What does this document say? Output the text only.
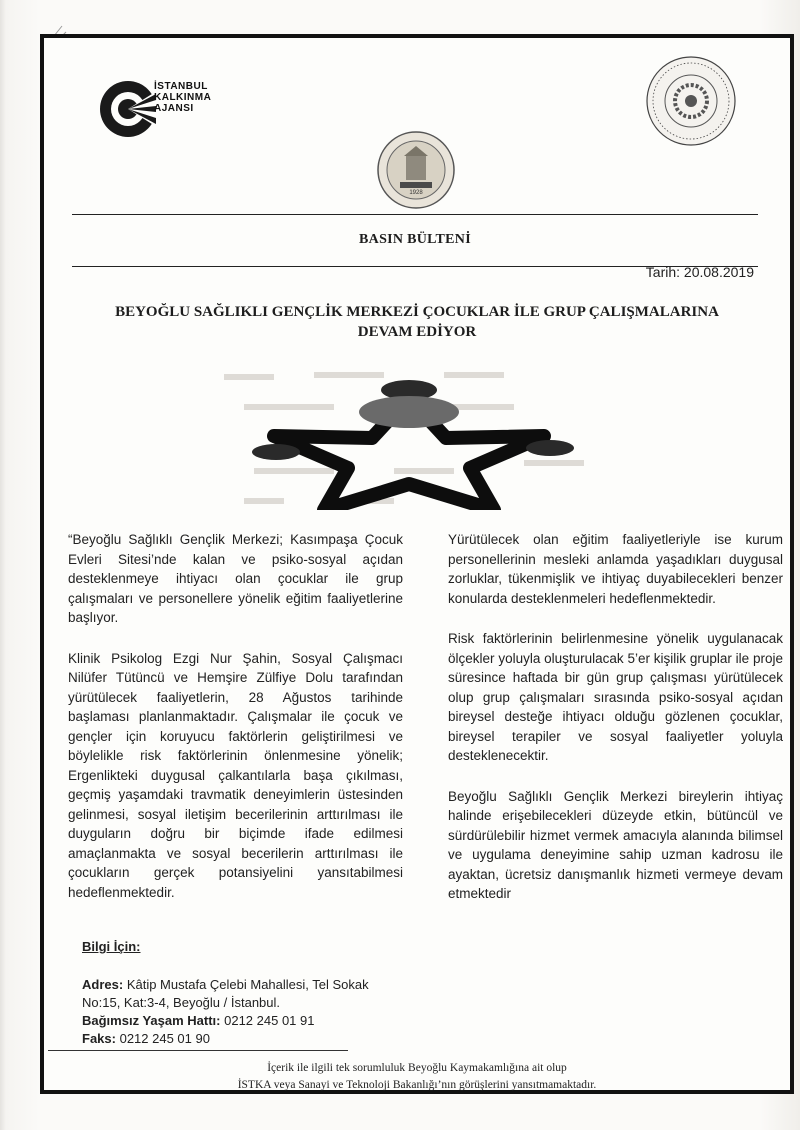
İSTANBUL
KALKINMA
AJANSI
1928
BASIN BÜLTENİ
Tarih: 20.08.2019
BEYOĞLU SAĞLIKLI GENÇLİK MERKEZİ ÇOCUKLAR İLE GRUP ÇALIŞMALARINA
DEVAM EDİYOR

“Beyoğlu Sağlıklı Gençlik Merkezi; Kasımpaşa Çocuk Evleri Sitesi’nde kalan ve psiko-sosyal açıdan desteklenmeye ihtiyacı olan çocuklar ile grup çalışmaları ve personellere yönelik eğitim faaliyetlerine başlıyor.

Klinik Psikolog Ezgi Nur Şahin, Sosyal Çalışmacı Nilüfer Tütüncü ve Hemşire Zülfiye Dolu tarafından yürütülecek faaliyetlerin, 28 Ağustos tarihinde başlaması planlanmaktadır. Çalışmalar ile çocuk ve gençler için koruyucu faktörlerin geliştirilmesi ve böylelikle risk faktörlerinin önlenmesine yönelik; Ergenlikteki duygusal çalkantılarla başa çıkılması, geçmiş yaşamdaki travmatik deneyimlerin üstesinden gelinmesi, sosyal iletişim becerilerinin arttırılması ile duyguların doğru bir biçimde ifade edilmesi amaçlanmakta ve sosyal becerilerin arttırılması ile çocukların gerçek potansiyelini yansıtabilmesi hedeflenmektedir.

Yürütülecek olan eğitim faaliyetleriyle ise kurum personellerinin mesleki anlamda yaşadıkları duygusal zorluklar, tükenmişlik ve ihtiyaç duyabilecekleri benzer konularda desteklenmeleri hedeflenmektedir.

Risk faktörlerinin belirlenmesine yönelik uygulanacak ölçekler yoluyla oluşturulacak 5’er kişilik gruplar ile proje süresince haftada bir gün grup çalışması yürütülecek olup grup çalışmaları sırasında psiko-sosyal açıdan bireysel desteğe ihtiyacı olduğu gözlenen çocuklar, bireysel terapiler ve sosyal faaliyetler yoluyla desteklenecektir.

Beyoğlu Sağlıklı Gençlik Merkezi bireylerin ihtiyaç halinde erişebilecekleri düzeyde etkin, bütüncül ve sürdürülebilir hizmet vermek amacıyla alanında bilimsel ve uygulama deneyimine sahip uzman kadrosu ile ayaktan, ücretsiz danışmanlık hizmeti vermeye devam etmektedir

Bilgi İçin:
Adres: Kâtip Mustafa Çelebi Mahallesi, Tel Sokak
No:15, Kat:3-4, Beyoğlu / İstanbul.
Bağımsız Yaşam Hattı: 0212 245 01 91
Faks: 0212 245 01 90
İçerik ile ilgili tek sorumluluk Beyoğlu Kaymakamlığına ait olup
İSTKA veya Sanayi ve Teknoloji Bakanlığı’nın görüşlerini yansıtmamaktadır.
